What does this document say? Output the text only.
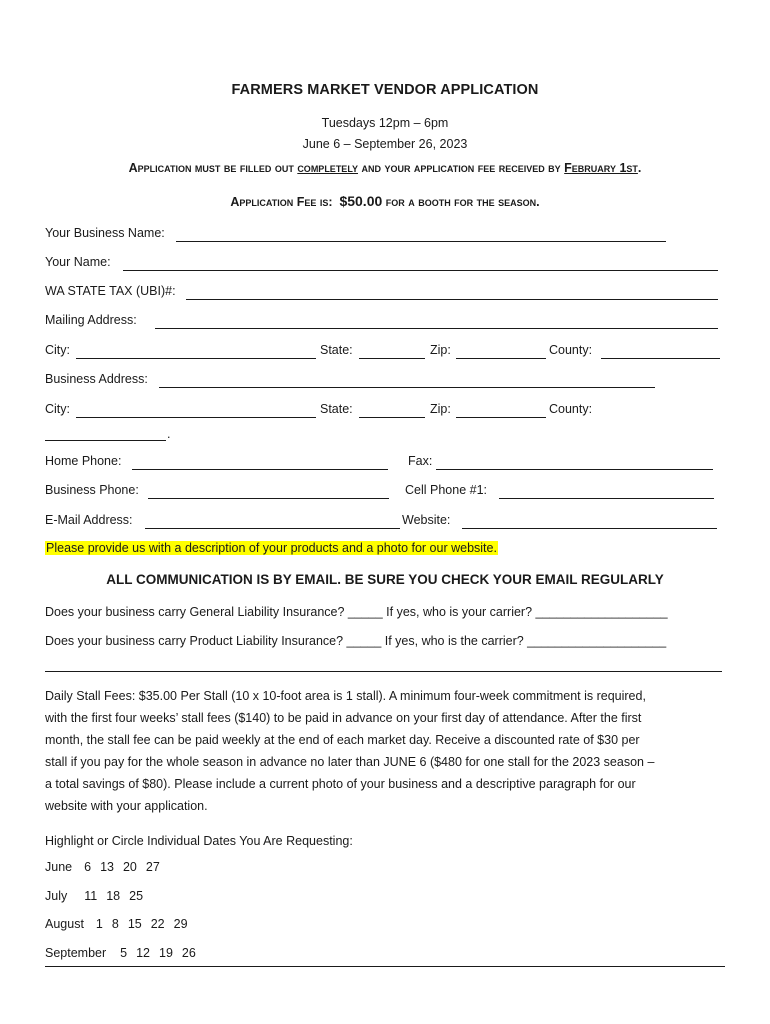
FARMERS MARKET VENDOR APPLICATION
Tuesdays 12pm – 6pm
June 6 – September 26, 2023
Application must be filled out completely and your application fee received by February 1st.
Application Fee is: $50.00 for a booth for the season.
Your Business Name:
Your Name:
WA STATE TAX (UBI)#:
Mailing Address:
City:	State:	Zip:	County:
Business Address:
City:	State:	Zip:	County:
.
Home Phone:	Fax:
Business Phone:	Cell Phone #1:
E-Mail Address:	Website:
Please provide us with a description of your products and a photo for our website.
ALL COMMUNICATION IS BY EMAIL. BE SURE YOU CHECK YOUR EMAIL REGULARLY
Does your business carry General Liability Insurance? _____ If yes, who is your carrier? ___________________
Does your business carry Product Liability Insurance? _____ If yes, who is the carrier? ____________________
Daily Stall Fees: $35.00 Per Stall (10 x 10-foot area is 1 stall). A minimum four-week commitment is required,
with the first four weeks’ stall fees ($140) to be paid in advance on your first day of attendance. After the first
month, the stall fee can be paid weekly at the end of each market day. Receive a discounted rate of $30 per
stall if you pay for the whole season in advance no later than JUNE 6 ($480 for one stall for the 2023 season –
a total savings of $80). Please include a current photo of your business and a descriptive paragraph for our
website with your application.
Highlight or Circle Individual Dates You Are Requesting:
June 6 13 20 27
July 11 18 25
August 1 8 15 22 29
September 5 12 19 26
